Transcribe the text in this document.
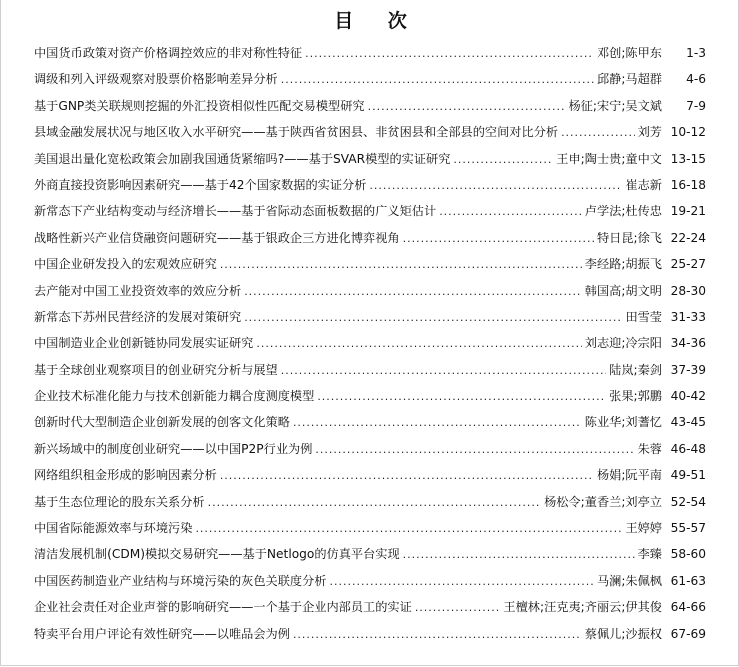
目 次
中国货币政策对资产价格调控效应的非对称性特征 .....	邓创;陈甲东	1-3
调级和列入评级观察对股票价格影响差异分析 .....	邱静;马超群	4-6
基于GNP类关联规则挖掘的外汇投资相似性匹配交易模型研究 .....	杨征;宋宁;吴文斌	7-9
县域金融发展状况与地区收入水平研究——基于陕西省贫困县、非贫困县和全部县的空间对比分析 .....	刘芳 10-12
美国退出量化宽松政策会加剧我国通货紧缩吗?——基于SVAR模型的实证研究 .....	王申;陶士贵;童中文 13-15
外商直接投资影响因素研究——基于42个国家数据的实证分析 .....	崔志新 16-18
新常态下产业结构变动与经济增长——基于省际动态面板数据的广义矩估计 .....	卢学法;杜传忠 19-21
战略性新兴产业信贷融资问题研究——基于银政企三方进化博弈视角 .....	特日昆;徐飞 22-24
中国企业研发投入的宏观效应研究 .....	李经路;胡振飞 25-27
去产能对中国工业投资效率的效应分析 .....	韩国高;胡文明 28-30
新常态下苏州民营经济的发展对策研究 .....	田雪莹 31-33
中国制造业企业创新链协同发展实证研究 .....	刘志迎;冷宗阳 34-36
基于全球创业观察项目的创业研究分析与展望 .....	陆岚;秦剑 37-39
企业技术标准化能力与技术创新能力耦合度测度模型 .....	张果;郭鹏 40-42
创新时代大型制造企业创新发展的创客文化策略 .....	陈业华;刘蓍忆 43-45
新兴场域中的制度创业研究——以中国P2P行业为例 .....	朱蓉 46-48
网络组织租金形成的影响因素分析 .....	杨娟;阮平南 49-51
基于生态位理论的股东关系分析 .....	杨松令;董香兰;刘亭立 52-54
中国省际能源效率与环境污染 .....	王婷婷 55-57
清洁发展机制(CDM)模拟交易研究——基于Netlogo的仿真平台实现 .....	李臻 58-60
中国医药制造业产业结构与环境污染的灰色关联度分析 .....	马澜;朱佩枫 61-63
企业社会责任对企业声誉的影响研究——一个基于企业内部员工的实证 .....	王檀林;汪克夷;齐丽云;伊其俊 64-66
特卖平台用户评论有效性研究——以唯品会为例 .....	蔡佩儿;沙振权 67-69
